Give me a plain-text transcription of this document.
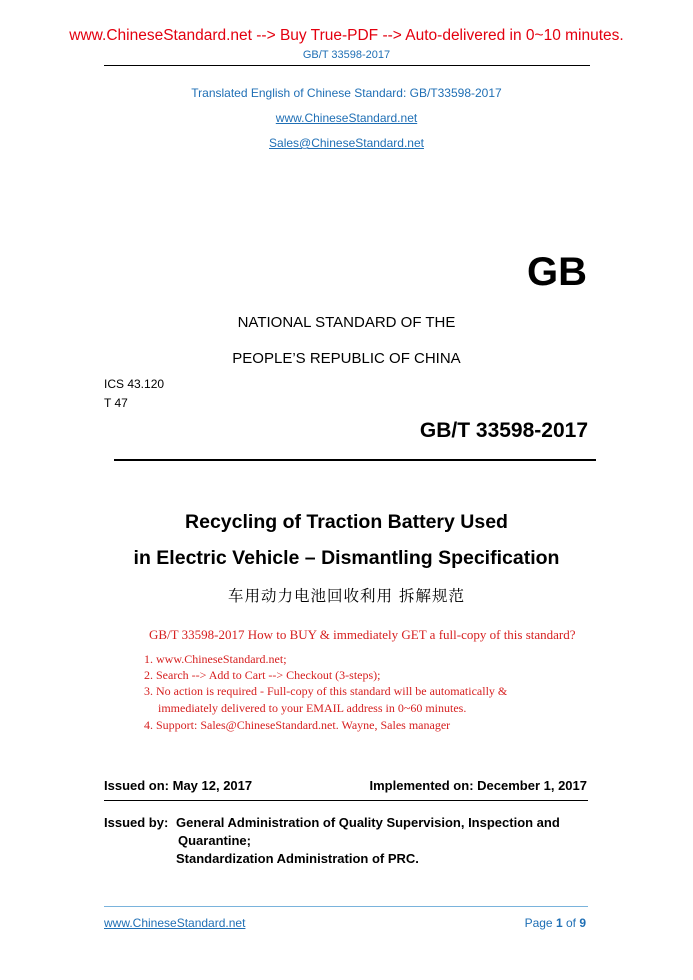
www.ChineseStandard.net --> Buy True-PDF --> Auto-delivered in 0~10 minutes.
GB/T 33598-2017
Translated English of Chinese Standard: GB/T33598-2017
www.ChineseStandard.net
Sales@ChineseStandard.net
GB
NATIONAL STANDARD OF THE
PEOPLE’S REPUBLIC OF CHINA
ICS 43.120
T 47
GB/T 33598-2017
Recycling of Traction Battery Used
in Electric Vehicle – Dismantling Specification
车用动力电池回收利用 拆解规范
GB/T 33598-2017 How to BUY & immediately GET a full-copy of this standard?
1. www.ChineseStandard.net;
2. Search --> Add to Cart --> Checkout (3-steps);
3. No action is required - Full-copy of this standard will be automatically &
immediately delivered to your EMAIL address in 0~60 minutes.
4. Support: Sales@ChineseStandard.net. Wayne, Sales manager
Issued on: May 12, 2017	Implemented on: December 1, 2017
Issued by: General Administration of Quality Supervision, Inspection and
Quarantine;
Standardization Administration of PRC.
www.ChineseStandard.net	Page 1 of 9
